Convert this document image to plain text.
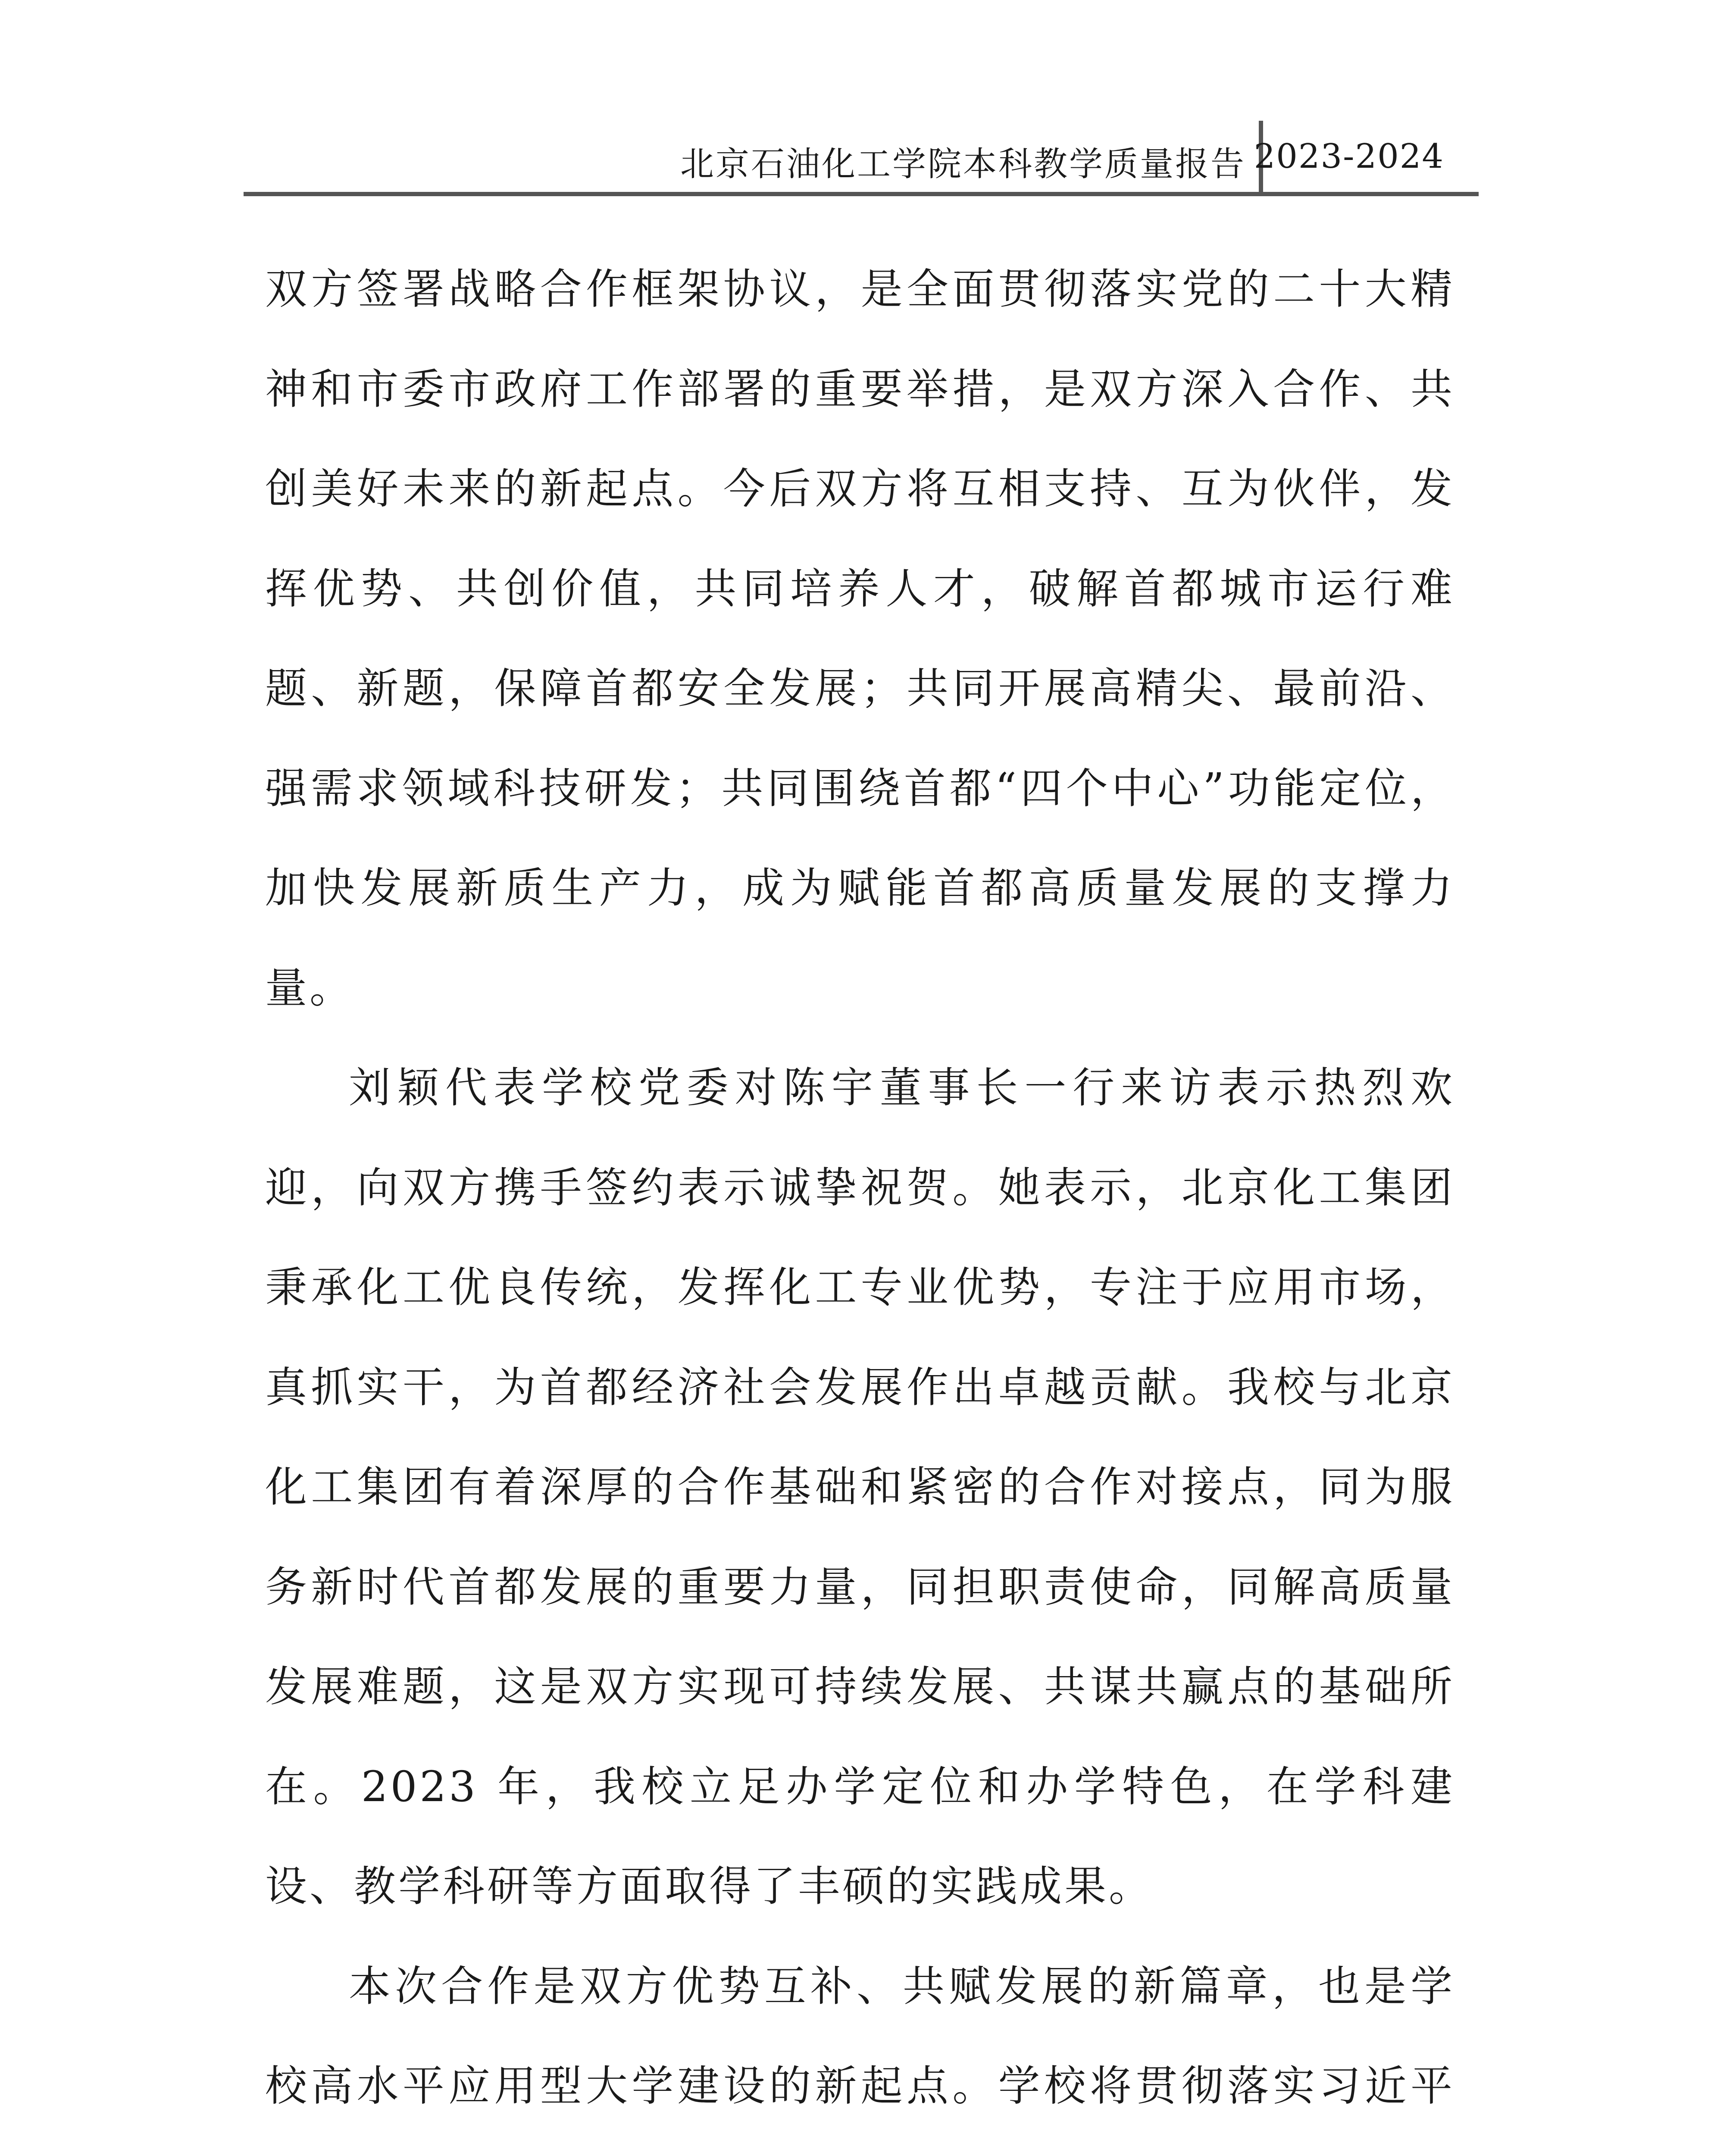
北京石油化工学院本科教学质量报告 2023-2024

双方签署战略合作框架协议，是全面贯彻落实党的二十大精神和市委市政府工作部署的重要举措，是双方深入合作、共创美好未来的新起点。今后双方将互相支持、互为伙伴，发挥优势、共创价值，共同培养人才，破解首都城市运行难题、新题，保障首都安全发展；共同开展高精尖、最前沿、强需求领域科技研发；共同围绕首都“四个中心”功能定位，加快发展新质生产力，成为赋能首都高质量发展的支撑力量。

刘颖代表学校党委对陈宇董事长一行来访表示热烈欢迎，向双方携手签约表示诚挚祝贺。她表示，北京化工集团秉承化工优良传统，发挥化工专业优势，专注于应用市场，真抓实干，为首都经济社会发展作出卓越贡献。我校与北京化工集团有着深厚的合作基础和紧密的合作对接点，同为服务新时代首都发展的重要力量，同担职责使命，同解高质量发展难题，这是双方实现可持续发展、共谋共赢点的基础所在。2023 年，我校立足办学定位和办学特色，在学科建设、教学科研等方面取得了丰硕的实践成果。

本次合作是双方优势互补、共赋发展的新篇章，也是学校高水平应用型大学建设的新起点。学校将贯彻落实习近平
